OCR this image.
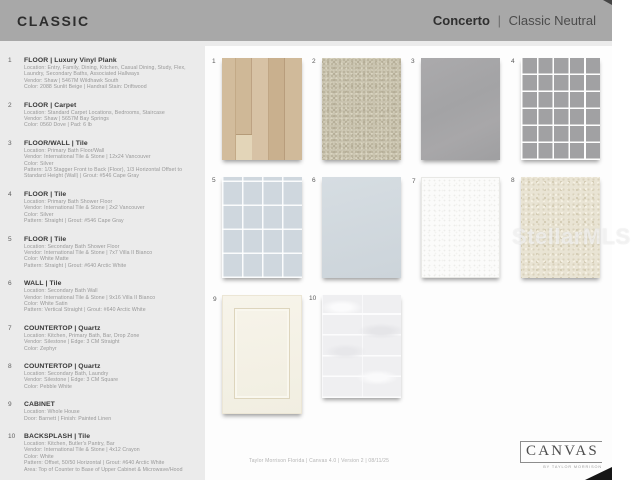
CLASSIC	Concerto | Classic Neutral
1	FLOOR | Luxury Vinyl Plank
Location: Entry, Family, Dining, Kitchen, Casual Dining, Study, Flex, Laundry, Secondary Baths, Associated Hallways
Vendor: Shaw | 5467M Wildhawk South
Color: 2088 Sunlit Beige | Handrail Stain: Driftwood
2	FLOOR | Carpet
Location: Standard Carpet Locations, Bedrooms, Staircase
Vendor: Shaw | 5657M Bay Springs
Color: 0560 Dove | Pad: 6 lb
3	FLOOR/WALL | Tile
Location: Primary Bath Floor/Wall
Vendor: International Tile & Stone | 12x24 Vancouver
Color: Silver
Pattern: 1/3 Stagger Front to Back (Floor), 1/3 Horizontal Offset to Standard Height (Wall) | Grout: #546 Cape Gray
4	FLOOR | Tile
Location: Primary Bath Shower Floor
Vendor: International Tile & Stone | 2x2 Vancouver
Color: Silver
Pattern: Straight | Grout: #546 Cape Gray
5	FLOOR | Tile
Location: Secondary Bath Shower Floor
Vendor: International Tile & Stone | 7x7 Villa II Bianco
Color: White Matte
Pattern: Straight | Grout: #640 Arctic White
6	WALL | Tile
Location: Secondary Bath Wall
Vendor: International Tile & Stone | 9x16 Villa II Bianco
Color: White Satin
Pattern: Vertical Straight | Grout: #640 Arctic White
7	COUNTERTOP | Quartz
Location: Kitchen, Primary Bath, Bar, Drop Zone
Vendor: Silestone | Edge: 3 CM Straight
Color: Zephyr
8	COUNTERTOP | Quartz
Location: Secondary Bath, Laundry
Vendor: Silestone | Edge: 3 CM Square
Color: Pebble White
9	CABINET
Location: Whole House
Door: Barnett | Finish: Painted Linen
10	BACKSPLASH | Tile
Location: Kitchen, Butler's Pantry, Bar
Vendor: International Tile & Stone | 4x12 Crayon
Color: White
Pattern: Offset, 50/50 Horizontal | Grout: #640 Arctic White
Area: Top of Counter to Base of Upper Cabinet & Microwave/Hood
1	2	3	4
5	6	7	8
9	10
StellarMLS
Taylor Morrison Florida | Canvas 4.0 | Version 2 | 08/11/25
CANVAS
BY TAYLOR MORRISON
